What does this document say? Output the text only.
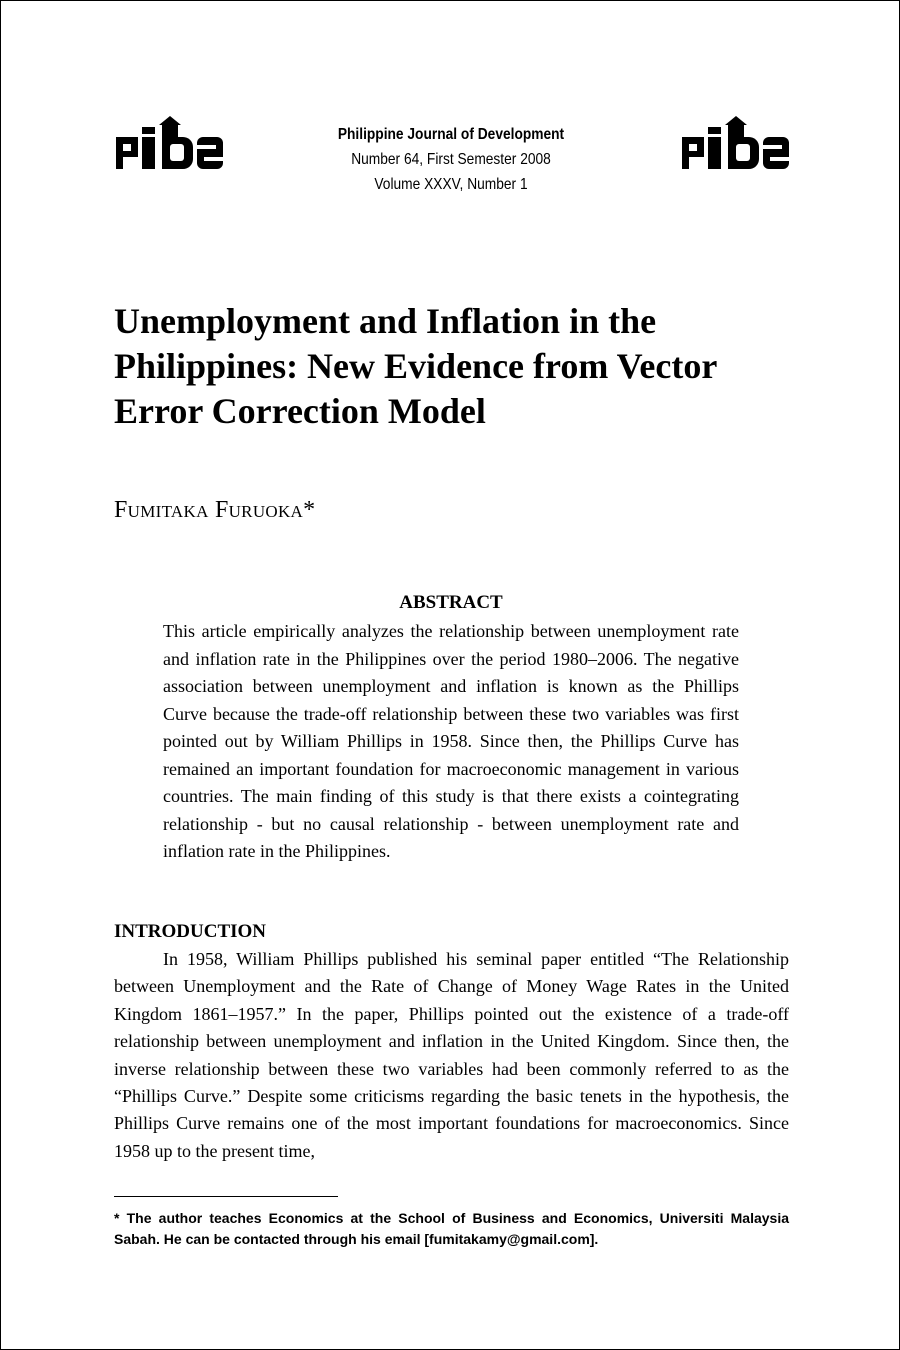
Philippine Journal of Development
Number 64, First Semester 2008
Volume XXXV, Number 1
Unemployment and Inflation in the Philippines: New Evidence from Vector Error Correction Model
Fumitaka Furuoka*
ABSTRACT

This article empirically analyzes the relationship between unemployment rate and inflation rate in the Philippines over the period 1980–2006. The negative association between unemployment and inflation is known as the Phillips Curve because the trade-off relationship between these two variables was first pointed out by William Phillips in 1958. Since then, the Phillips Curve has remained an important foundation for macroeconomic management in various countries. The main finding of this study is that there exists a cointegrating relationship - but no causal relationship - between unemployment rate and inflation rate in the Philippines.

INTRODUCTION

In 1958, William Phillips published his seminal paper entitled “The Relationship between Unemployment and the Rate of Change of Money Wage Rates in the United Kingdom 1861–1957.” In the paper, Phillips pointed out the existence of a trade-off relationship between unemployment and inflation in the United Kingdom. Since then, the inverse relationship between these two variables had been commonly referred to as the “Phillips Curve.” Despite some criticisms regarding the basic tenets in the hypothesis, the Phillips Curve remains one of the most important foundations for macroeconomics. Since 1958 up to the present time,

* The author teaches Economics at the School of Business and Economics, Universiti Malaysia Sabah. He can be contacted through his email [fumitakamy@gmail.com].
